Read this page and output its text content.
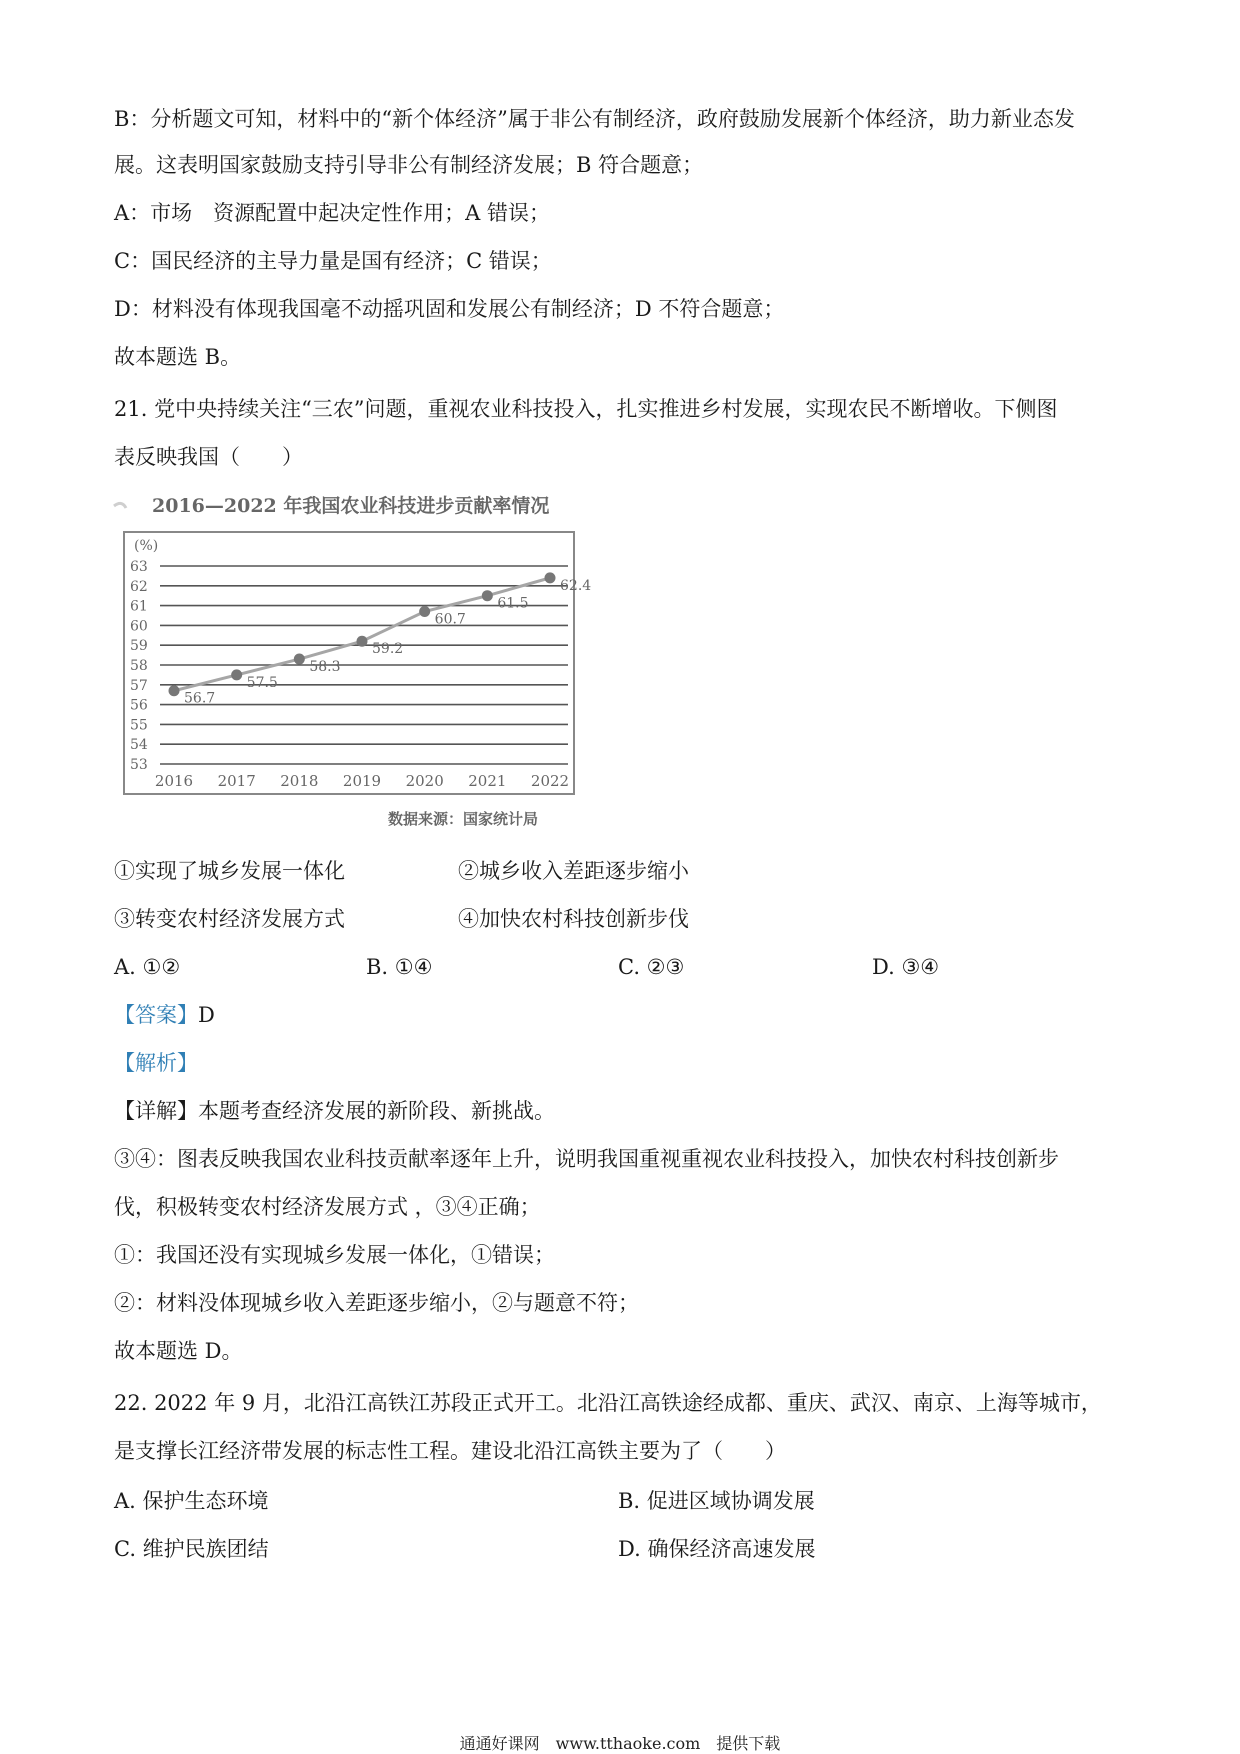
B：分析题文可知，材料中的“新个体经济”属于非公有制经济，政府鼓励发展新个体经济，助力新业态发
展。这表明国家鼓励支持引导非公有制经济发展；B 符合题意；
A：市场　资源配置中起决定性作用；A 错误；
C：国民经济的主导力量是国有经济；C 错误；
D：材料没有体现我国毫不动摇巩固和发展公有制经济；D 不符合题意；
故本题选 B。
21. 党中央持续关注“三农”问题，重视农业科技投入，扎实推进乡村发展，实现农民不断增收。下侧图
表反映我国（　　）
2016—2022 年我国农业科技进步贡献率情况
(%)
53
54
55
56
57
58
59
60
61
62
63
2016 2017 2018 2019 2020 2021 2022
56.7
57.5
58.3
59.2
60.7
61.5
62.4
数据来源：国家统计局
①实现了城乡发展一体化	②城乡收入差距逐步缩小
③转变农村经济发展方式	④加快农村科技创新步伐
A. ①②	B. ①④	C. ②③	D. ③④
【答案】D
【解析】
【详解】本题考查经济发展的新阶段、新挑战。
③④：图表反映我国农业科技贡献率逐年上升，说明我国重视重视农业科技投入，加快农村科技创新步
伐，积极转变农村经济发展方式 ，③④正确；
①：我国还没有实现城乡发展一体化，①错误；
②：材料没体现城乡收入差距逐步缩小，②与题意不符；
故本题选 D。
22. 2022 年 9 月，北沿江高铁江苏段正式开工。北沿江高铁途经成都、重庆、武汉、南京、上海等城市，
是支撑长江经济带发展的标志性工程。建设北沿江高铁主要为了（　　）
A. 保护生态环境	B. 促进区域协调发展
C. 维护民族团结	D. 确保经济高速发展
通通好课网　www.tthaoke.com　提供下载
